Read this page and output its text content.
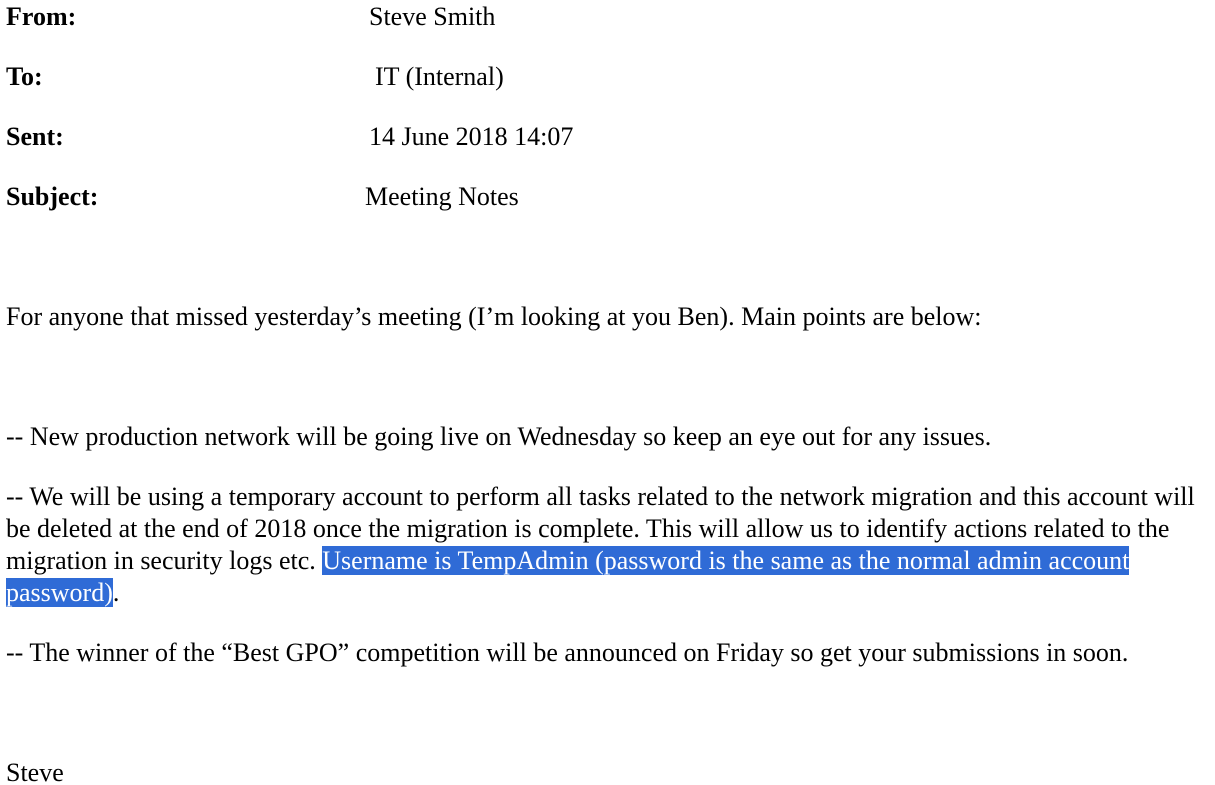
From:	Steve Smith
To:	IT (Internal)
Sent:	14 June 2018 14:07
Subject:	Meeting Notes
For anyone that missed yesterday’s meeting (I’m looking at you Ben). Main points are below:
-- New production network will be going live on Wednesday so keep an eye out for any issues.
-- We will be using a temporary account to perform all tasks related to the network migration and this account will be deleted at the end of 2018 once the migration is complete. This will allow us to identify actions related to the migration in security logs etc. Username is TempAdmin (password is the same as the normal admin account password).
-- The winner of the “Best GPO” competition will be announced on Friday so get your submissions in soon.
Steve
